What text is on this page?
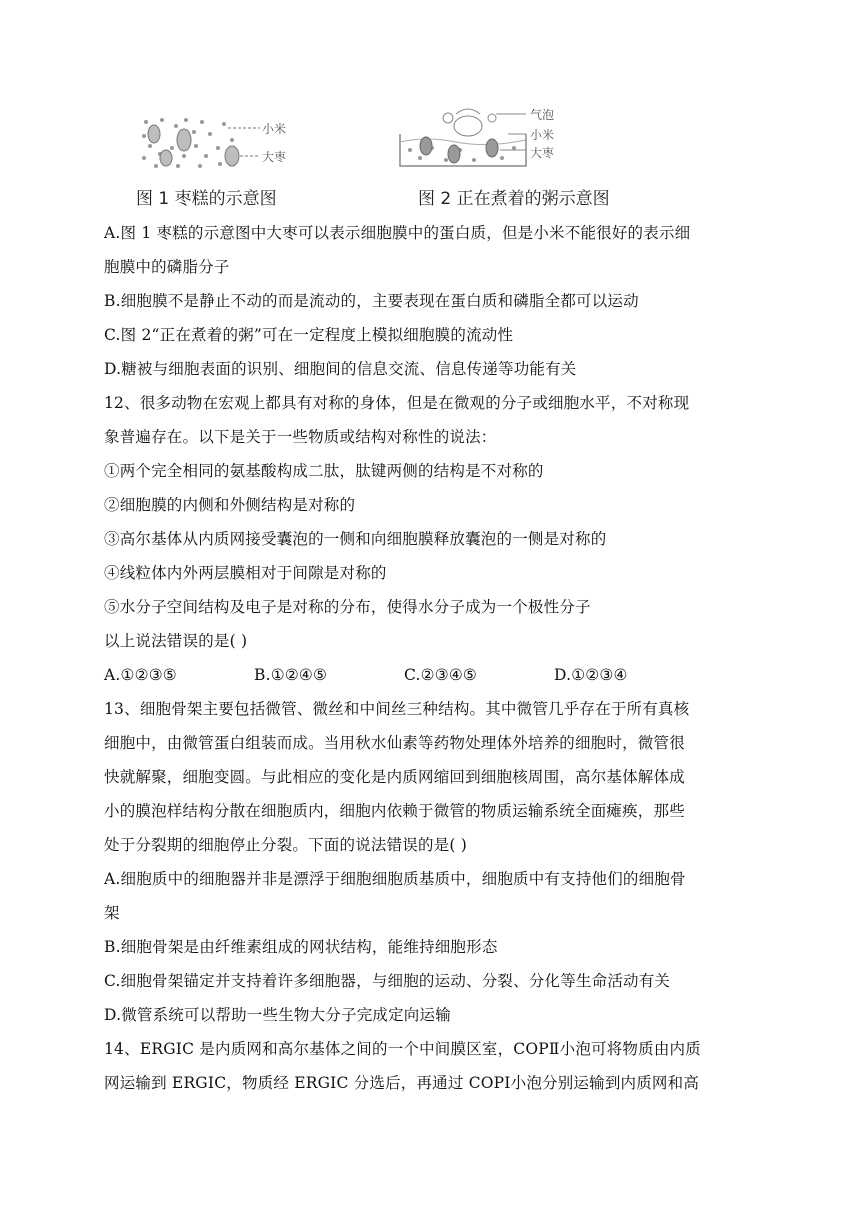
小米
大枣
气泡
小米
大枣
图 1 枣糕的示意图	图 2 正在煮着的粥示意图
A.图 1 枣糕的示意图中大枣可以表示细胞膜中的蛋白质，但是小米不能很好的表示细
胞膜中的磷脂分子
B.细胞膜不是静止不动的而是流动的，主要表现在蛋白质和磷脂全都可以运动
C.图 2“正在煮着的粥”可在一定程度上模拟细胞膜的流动性
D.糖被与细胞表面的识别、细胞间的信息交流、信息传递等功能有关
12、很多动物在宏观上都具有对称的身体，但是在微观的分子或细胞水平，不对称现
象普遍存在。以下是关于一些物质或结构对称性的说法：
①两个完全相同的氨基酸构成二肽，肽键两侧的结构是不对称的
②细胞膜的内侧和外侧结构是对称的
③高尔基体从内质网接受囊泡的一侧和向细胞膜释放囊泡的一侧是对称的
④线粒体内外两层膜相对于间隙是对称的
⑤水分子空间结构及电子是对称的分布，使得水分子成为一个极性分子
以上说法错误的是( )
A.①②③⑤	B.①②④⑤	C.②③④⑤	D.①②③④
13、细胞骨架主要包括微管、微丝和中间丝三种结构。其中微管几乎存在于所有真核
细胞中，由微管蛋白组装而成。当用秋水仙素等药物处理体外培养的细胞时，微管很
快就解聚，细胞变圆。与此相应的变化是内质网缩回到细胞核周围，高尔基体解体成
小的膜泡样结构分散在细胞质内，细胞内依赖于微管的物质运输系统全面瘫痪，那些
处于分裂期的细胞停止分裂。下面的说法错误的是( )
A.细胞质中的细胞器并非是漂浮于细胞细胞质基质中，细胞质中有支持他们的细胞骨
架
B.细胞骨架是由纤维素组成的网状结构，能维持细胞形态
C.细胞骨架锚定并支持着许多细胞器，与细胞的运动、分裂、分化等生命活动有关
D.微管系统可以帮助一些生物大分子完成定向运输
14、ERGIC 是内质网和高尔基体之间的一个中间膜区室，COPⅡ小泡可将物质由内质
网运输到 ERGIC，物质经 ERGIC 分选后，再通过 COPⅠ小泡分别运输到内质网和高
